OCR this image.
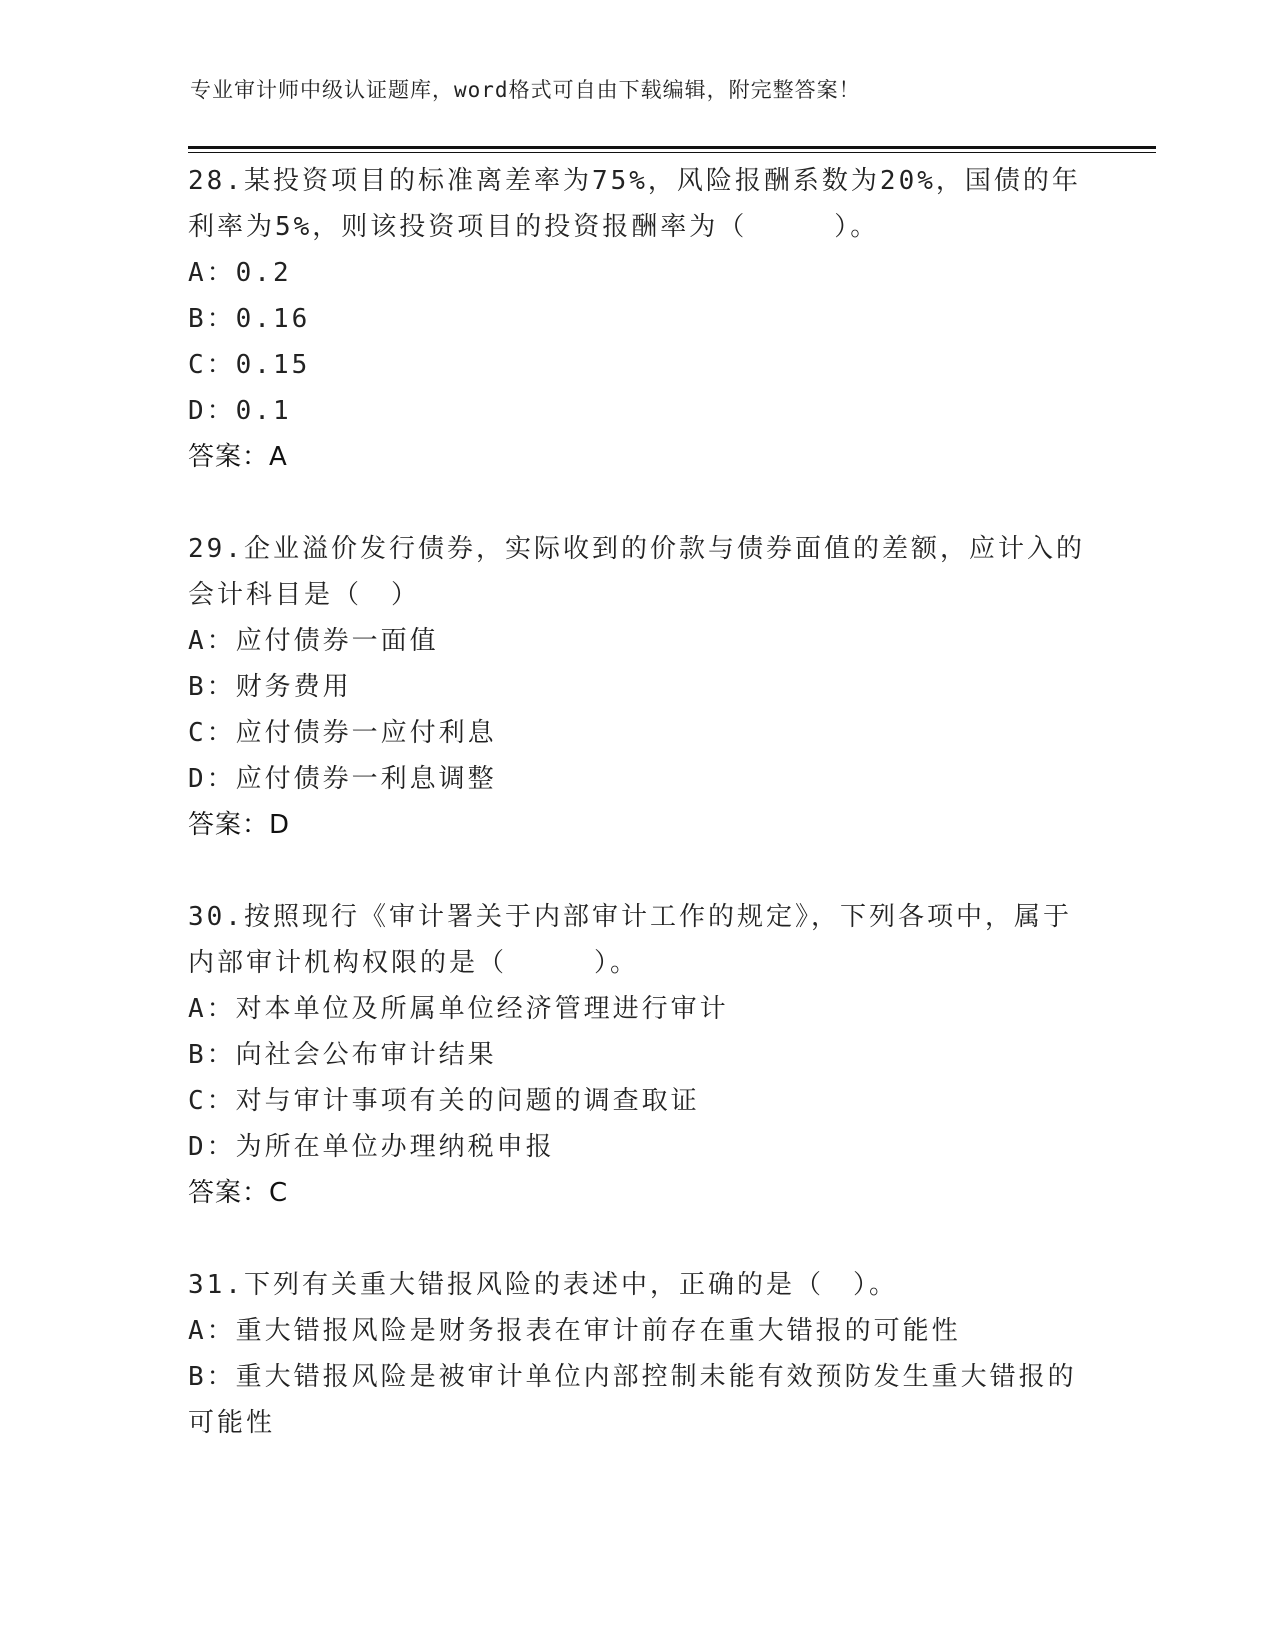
专业审计师中级认证题库，word格式可自由下载编辑，附完整答案！
28.某投资项目的标准离差率为75%，风险报酬系数为20%，国债的年
利率为5%，则该投资项目的投资报酬率为（　　　）。
A：0.2
B：0.16
C：0.15
D：0.1
答案：A
29.企业溢价发行债券，实际收到的价款与债券面值的差额，应计入的
会计科目是（　）
A：应付债券一面值
B：财务费用
C：应付债券一应付利息
D：应付债券一利息调整
答案：D
30.按照现行《审计署关于内部审计工作的规定》，下列各项中，属于
内部审计机构权限的是（　　　）。
A：对本单位及所属单位经济管理进行审计
B：向社会公布审计结果
C：对与审计事项有关的问题的调查取证
D：为所在单位办理纳税申报
答案：C
31.下列有关重大错报风险的表述中，正确的是（　）。
A：重大错报风险是财务报表在审计前存在重大错报的可能性
B：重大错报风险是被审计单位内部控制未能有效预防发生重大错报的
可能性
